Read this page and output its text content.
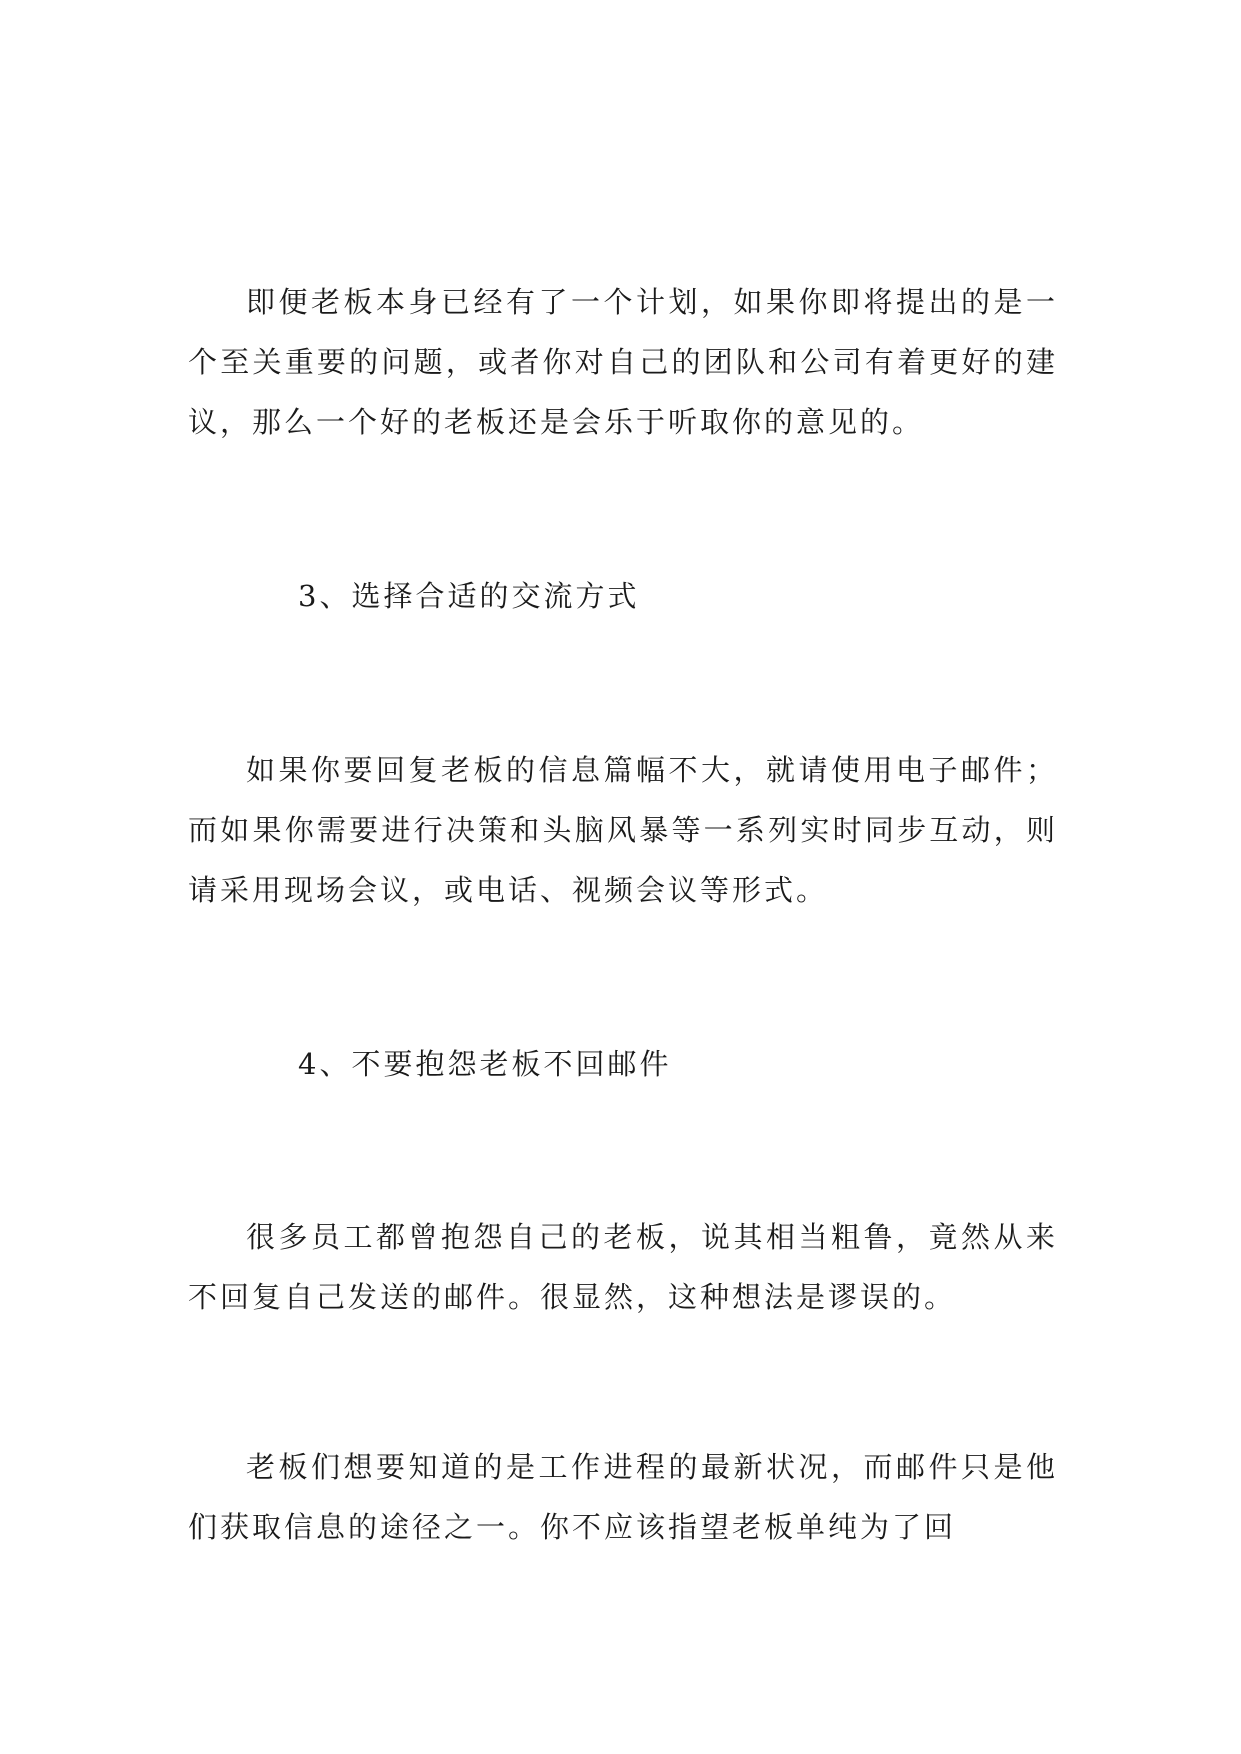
即便老板本身已经有了一个计划，如果你即将提出的是一个至关重要的问题，或者你对自己的团队和公司有着更好的建议，那么一个好的老板还是会乐于听取你的意见的。

3、选择合适的交流方式

如果你要回复老板的信息篇幅不大，就请使用电子邮件；而如果你需要进行决策和头脑风暴等一系列实时同步互动，则请采用现场会议，或电话、视频会议等形式。

4、不要抱怨老板不回邮件

很多员工都曾抱怨自己的老板，说其相当粗鲁，竟然从来不回复自己发送的邮件。很显然，这种想法是谬误的。

老板们想要知道的是工作进程的最新状况，而邮件只是他们获取信息的途径之一。你不应该指望老板单纯为了回
